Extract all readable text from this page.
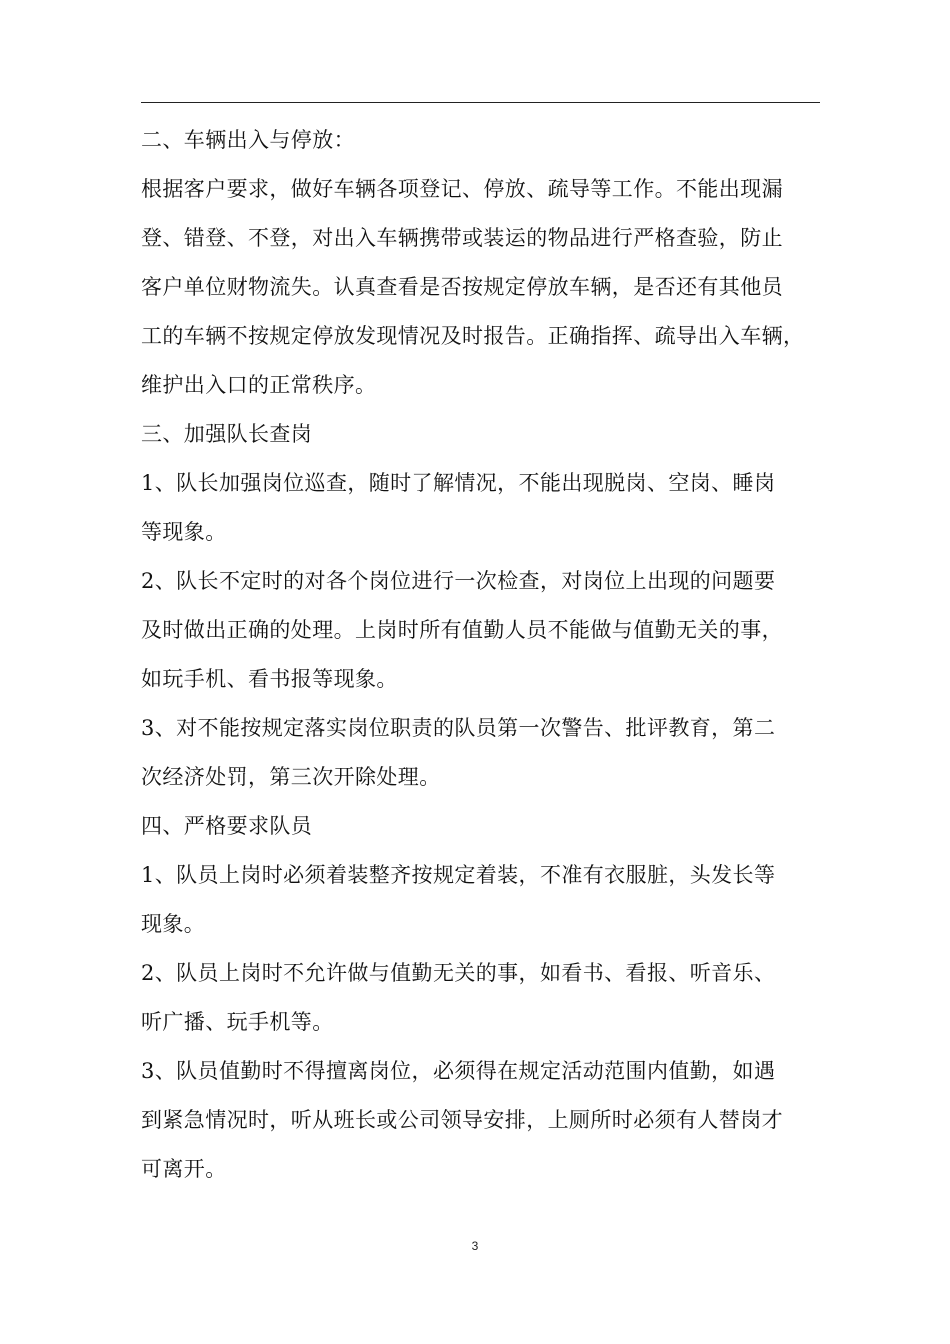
二、车辆出入与停放：
根据客户要求，做好车辆各项登记、停放、疏导等工作。不能出现漏
登、错登、不登，对出入车辆携带或装运的物品进行严格查验，防止
客户单位财物流失。认真查看是否按规定停放车辆，是否还有其他员
工的车辆不按规定停放发现情况及时报告。正确指挥、疏导出入车辆，
维护出入口的正常秩序。
三、加强队长查岗
1、队长加强岗位巡查，随时了解情况，不能出现脱岗、空岗、睡岗
等现象。
2、队长不定时的对各个岗位进行一次检查，对岗位上出现的问题要
及时做出正确的处理。上岗时所有值勤人员不能做与值勤无关的事，
如玩手机、看书报等现象。
3、对不能按规定落实岗位职责的队员第一次警告、批评教育，第二
次经济处罚，第三次开除处理。
四、严格要求队员
1、队员上岗时必须着装整齐按规定着装，不准有衣服脏，头发长等
现象。
2、队员上岗时不允许做与值勤无关的事，如看书、看报、听音乐、
听广播、玩手机等。
3、队员值勤时不得擅离岗位，必须得在规定活动范围内值勤，如遇
到紧急情况时，听从班长或公司领导安排，上厕所时必须有人替岗才
可离开。
3
